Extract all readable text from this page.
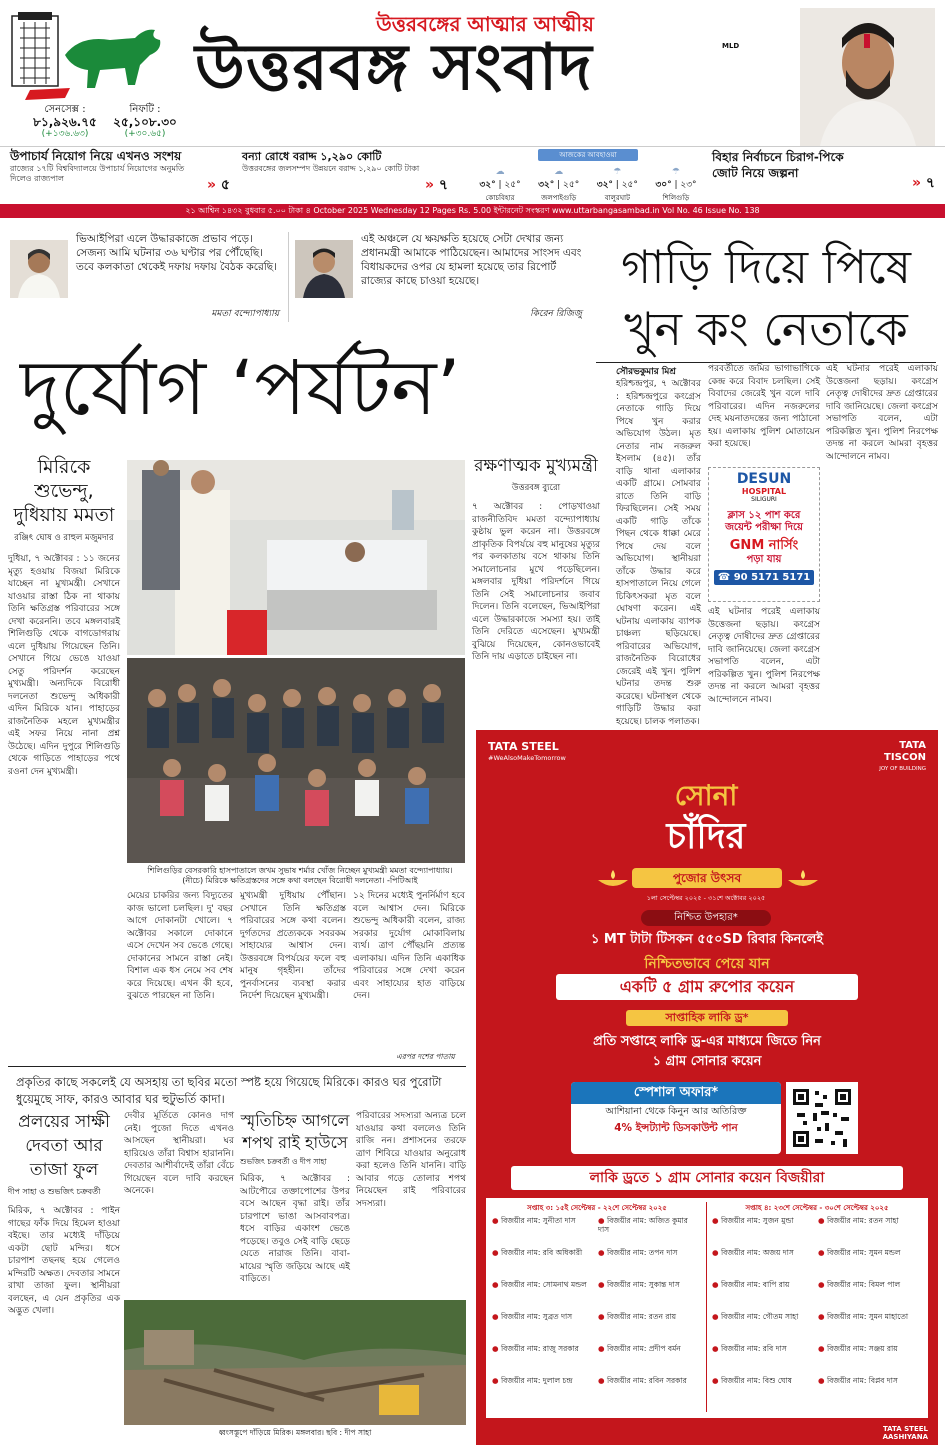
উত্তরবঙ্গের আত্মার আত্মীয়
উত্তরবঙ্গ সংবাদ	MLD
সেনসেক্স :
৮১,৯২৬.৭৫
(+১৩৬.৬৩)
নিফটি :
২৫,১০৮.৩০
(+৩০.৬৫)
উপাচার্য নিয়োগ নিয়ে এখনও সংশয়
রাজ্যের ১৭টি বিশ্ববিদ্যালয়ে উপাচার্য নিয়োগের অনুমতি দিলেও রাজ্যপাল	» ৫
বন্যা রোধে বরাদ্দ ১,২৯০ কোটি
উত্তরবঙ্গের জলসম্পদ উন্নয়নে বরাদ্দ ১,২৯০ কোটি টাকা
» ৭
আজকের আবহাওয়া
☁
৩২° | ২৫°
কোচবিহার
☁
৩২° | ২৫°
জলপাইগুড়ি
☂
৩২° | ২৫°
বালুরঘাট
☂
৩০° | ২৩°
শিলিগুড়ি
বিহার নির্বাচনে চিরাগ-পিকে জোট নিয়ে জল্পনা
» ৭
২১ আশ্বিন ১৪৩২ বুধবার ৫.০০ টাকা ৪ October 2025 Wednesday 12 Pages Rs. 5.00 ইন্টারনেট সংস্করণ www.uttarbangasambad.in Vol No. 46 Issue No. 138
ভিআইপিরা এলে উদ্ধারকাজে প্রভাব পড়ে। সেজন্য আমি ঘটনার ৩৬ ঘণ্টার পর পৌঁছেছি। তবে কলকাতা থেকেই দফায় দফায় বৈঠক করেছি।
মমতা বন্দ্যোপাধ্যায়
এই অঞ্চলে যে ক্ষয়ক্ষতি হয়েছে সেটা দেখার জন্য প্রধানমন্ত্রী আমাকে পাঠিয়েছেন। আমাদের সাংসদ এবং বিধায়কদের ওপর যে হামলা হয়েছে তার রিপোর্ট রাজ্যের কাছে চাওয়া হয়েছে।
কিরেন রিজিজু
গাড়ি দিয়ে পিষে খুন কং নেতাকে
দুর্যোগ ‘পর্যটন’
মিরিকে শুভেন্দু, দুধিয়ায় মমতা
রঞ্জিৎ ঘোষ ও রাহুল মজুমদার
দুধিয়া, ৭ অক্টোবর : ১১ জনের মৃত্যু হওয়ায় বিজয়া মিরিকে যাচ্ছেন না মুখ্যমন্ত্রী। সেখানে যাওয়ার রাস্তা ঠিক না থাকায় তিনি ক্ষতিগ্রস্ত পরিবারের সঙ্গে দেখা করেননি। তবে মঙ্গলবারই শিলিগুড়ি থেকে বাগডোগরায় এলে দুধিয়ায় গিয়েছেন তিনি। সেখানে গিয়ে ভেঙে যাওয়া সেতু পরিদর্শন করেছেন মুখ্যমন্ত্রী। অন্যদিকে বিরোধী দলনেতা শুভেন্দু অধিকারী এদিন মিরিকে যান। পাহাড়ের রাজনৈতিক মহলে মুখ্যমন্ত্রীর এই সফর নিয়ে নানা প্রশ্ন উঠেছে। এদিন দুপুরে শিলিগুড়ি থেকে গাড়িতে পাহাড়ের পথে রওনা দেন মুখ্যমন্ত্রী।
শিলিগুড়ির বেসরকারি হাসপাতালে জখম সুভাষ শর্মার খোঁজ নিচ্ছেন মুখ্যমন্ত্রী মমতা বন্দ্যোপাধ্যায়। (নীচে) মিরিকে ক্ষতিগ্রস্তদের সঙ্গে কথা বলছেন বিরোধী দলনেতা। -পিটিআই
রক্ষণাত্মক মুখ্যমন্ত্রী
উত্তরবঙ্গ ব্যুরো
৭ অক্টোবর : পোড়খাওয়া রাজনীতিবিদ মমতা বন্দ্যোপাধ্যায় কুষ্ঠায় ভুল করেন না। উত্তরবঙ্গে প্রাকৃতিক বিপর্যয়ে বহু মানুষের মৃত্যুর পর কলকাতায় বসে থাকায় তিনি সমালোচনার মুখে পড়েছিলেন। মঙ্গলবার দুধিয়া পরিদর্শনে গিয়ে তিনি সেই সমালোচনার জবাব দিলেন। তিনি বলেছেন, ভিআইপিরা এলে উদ্ধারকাজে সমস্যা হয়। তাই তিনি দেরিতে এসেছেন। মুখ্যমন্ত্রী বুঝিয়ে দিয়েছেন, কোনওভাবেই তিনি দায় এড়াতে চাইছেন না।
সৌরভকুমার মিশ্র
হরিশ্চন্দ্রপুর, ৭ অক্টোবর : হরিশ্চন্দ্রপুরে কংগ্রেস নেতাকে গাড়ি দিয়ে পিষে খুন করার অভিযোগ উঠল। মৃত নেতার নাম নজরুল ইসলাম (৪৫)। তাঁর বাড়ি থানা এলাকার একটি গ্রামে। সোমবার রাতে তিনি বাড়ি ফিরছিলেন। সেই সময় একটি গাড়ি তাঁকে পিছন থেকে ধাক্কা মেরে পিষে দেয় বলে অভিযোগ। স্থানীয়রা তাঁকে উদ্ধার করে হাসপাতালে নিয়ে গেলে চিকিৎসকরা মৃত বলে ঘোষণা করেন। এই ঘটনায় এলাকায় ব্যাপক চাঞ্চল্য ছড়িয়েছে। পরিবারের অভিযোগ, রাজনৈতিক বিরোধের জেরেই এই খুন। পুলিশ ঘটনার তদন্ত শুরু করেছে। ঘটনাস্থল থেকে গাড়িটি উদ্ধার করা হয়েছে। চালক পলাতক।
পরবর্তীতে জমির ভাগাভাগিকে কেন্দ্র করে বিবাদ চলছিল। সেই বিবাদের জেরেই খুন বলে দাবি পরিবারের। এদিন নজরুলের দেহ ময়নাতদন্তের জন্য পাঠানো হয়। এলাকায় পুলিশ মোতায়েন করা হয়েছে।
এই ঘটনার পরেই এলাকায় উত্তেজনা ছড়ায়। কংগ্রেস নেতৃত্ব দোষীদের দ্রুত গ্রেপ্তারের দাবি জানিয়েছে। জেলা কংগ্রেস সভাপতি বলেন, এটা পরিকল্পিত খুন। পুলিশ নিরপেক্ষ তদন্ত না করলে আমরা বৃহত্তর আন্দোলনে নামব।
DESUN
HOSPITAL
SILIGURI
ক্লাস ১২ পাশ করে
জয়েন্ট পরীক্ষা দিয়ে
GNM নার্সিং
পড়া যায়
☎ 90 5171 5171
এই ঘটনার পরেই এলাকায় উত্তেজনা ছড়ায়। কংগ্রেস নেতৃত্ব দোষীদের দ্রুত গ্রেপ্তারের দাবি জানিয়েছে। জেলা কংগ্রেস সভাপতি বলেন, এটা পরিকল্পিত খুন। পুলিশ নিরপেক্ষ তদন্ত না করলে আমরা বৃহত্তর আন্দোলনে নামব।
মেয়ের চাকরির জন্য বিদ্যুতের কাজ ভালো চলছিল। দু' বছর আগে দোকানটা খোলে। ৭ অক্টোবর সকালে দোকানে এসে দেখেন সব ভেঙে গেছে। দোকানের সামনে রাস্তা নেই। বিশাল এক ধস নেমে সব শেষ করে দিয়েছে। এখন কী হবে, বুঝতে পারছেন না তিনি।
মুখ্যমন্ত্রী দুধিয়ায় পৌঁছান। সেখানে তিনি ক্ষতিগ্রস্ত পরিবারের সঙ্গে কথা বলেন। দুর্গতদের প্রত্যেককে সবরকম সাহায্যের আশ্বাস দেন। উত্তরবঙ্গে বিপর্যয়ের ফলে বহু মানুষ গৃহহীন। তাঁদের পুনর্বাসনের ব্যবস্থা করার নির্দেশ দিয়েছেন মুখ্যমন্ত্রী।
১২ দিনের মধ্যেই পুনর্নির্মাণ হবে বলে আশ্বাস দেন। মিরিকে শুভেন্দু অধিকারী বলেন, রাজ্য সরকার দুর্যোগ মোকাবিলায় ব্যর্থ। ত্রাণ পৌঁছয়নি প্রত্যন্ত এলাকায়। এদিন তিনি একাধিক পরিবারের সঙ্গে দেখা করেন এবং সাহায্যের হাত বাড়িয়ে দেন।
এরপর দশের পাতায়
প্রকৃতির কাছে সকলেই যে অসহায় তা ছবির মতো স্পষ্ট হয়ে গিয়েছে মিরিকে। কারও ঘর পুরোটা ধুয়েমুছে সাফ, কারও আবার ঘর হুটুভর্তি কাদা।
প্রলয়ের সাক্ষী দেবতা আর তাজা ফুল
দীপ সাহা ও শুভজিৎ চক্রবর্তী
মিরিক, ৭ অক্টোবর : পাইন গাছের ফাঁক দিয়ে হিমেল হাওয়া বইছে। তার মধ্যেই দাঁড়িয়ে একটা ছোট মন্দির। ধসে চারপাশ তছনছ হয়ে গেলেও মন্দিরটি অক্ষত। দেবতার সামনে রাখা তাজা ফুল। স্থানীয়রা বলছেন, এ যেন প্রকৃতির এক অদ্ভুত খেলা।
দেবীর মূর্তিতে কোনও দাগ নেই। পুজো দিতে এখনও আসছেন স্থানীয়রা। ঘর হারিয়েও তাঁরা বিশ্বাস হারাননি। দেবতার আশীর্বাদেই তাঁরা বেঁচে গিয়েছেন বলে দাবি করছেন অনেকে।
স্মৃতিচিহ্ন আগলে শপথ রাই হাউসে
শুভজিৎ চক্রবর্তী ও দীপ সাহা
মিরিক, ৭ অক্টোবর : আটপৌরে তক্তাপোশের উপর বসে আছেন বৃদ্ধা রাই। তাঁর চারপাশে ভাঙা আসবাবপত্র। ধসে বাড়ির একাংশ ভেঙে পড়েছে। তবুও সেই বাড়ি ছেড়ে যেতে নারাজ তিনি। বাবা-মায়ের স্মৃতি জড়িয়ে আছে এই বাড়িতে।
পরিবারের সদস্যরা অন্যত্র চলে যাওয়ার কথা বললেও তিনি রাজি নন। প্রশাসনের তরফে ত্রাণ শিবিরে যাওয়ার অনুরোধ করা হলেও তিনি যাননি। বাড়ি আবার গড়ে তোলার শপথ নিয়েছেন রাই পরিবারের সদস্যরা।
ধ্বংসস্তূপে দাঁড়িয়ে মিরিক। মঙ্গলবার। ছবি : দীপ সাহা
TATA STEEL
#WeAlsoMakeTomorrow
TATA TISCON
JOY OF BUILDING
সোনা
চাঁদির
পুজোর উৎসব
১লা সেপ্টেম্বর ২০২৫ - ৩১শে অক্টোবর ২০২৫
নিশ্চিত উপহার*
১ MT টাটা টিসকন ৫৫০SD রিবার কিনলেই
নিশ্চিতভাবে পেয়ে যান
একটি ৫ গ্রাম রুপোর কয়েন
সাপ্তাহিক লাকি ড্র*
প্রতি সপ্তাহে লাকি ড্র-এর মাধ্যমে জিতে নিন
১ গ্রাম সোনার কয়েন
স্পেশাল অফার*
আশিয়ানা থেকে কিনুন আর অতিরিক্ত
4% ইন্সট্যান্ট ডিসকাউন্ট পান
লাকি ড্রতে ১ গ্রাম সোনার কয়েন বিজয়ীরা
সপ্তাহ ৩: ১৫ই সেপ্টেম্বর - ২২শে সেপ্টেম্বর ২০২৫	সপ্তাহ ৪: ২৩শে সেপ্টেম্বর - ৩০শে সেপ্টেম্বর ২০২৫
● বিজয়ীর নাম: সুনীতা দাস	● বিজয়ীর নাম: অজিত কুমার দাস
● বিজয়ীর নাম: রবি অধিকারী	● বিজয়ীর নাম: তপন দাস
● বিজয়ীর নাম: সোমনাথ মন্ডল	● বিজয়ীর নাম: সুকান্ত দাস
● বিজয়ীর নাম: সুব্রত দাস	● বিজয়ীর নাম: রতন রায়
● বিজয়ীর নাম: রাজু সরকার	● বিজয়ীর নাম: প্রদীপ বর্মন
● বিজয়ীর নাম: দুলাল চন্দ্র	● বিজয়ীর নাম: রবিন সরকার
● বিজয়ীর নাম: সুজন মুন্ডা	● বিজয়ীর নাম: রতন সাহা
● বিজয়ীর নাম: অজয় দাস	● বিজয়ীর নাম: সুমন মন্ডল
● বিজয়ীর নাম: বাপি রায়	● বিজয়ীর নাম: বিমল পাল
● বিজয়ীর নাম: গৌতম সাহা	● বিজয়ীর নাম: সুমন মাহাতো
● বিজয়ীর নাম: রবি দাস	● বিজয়ীর নাম: সঞ্জয় রায়
● বিজয়ীর নাম: বিশু ঘোষ	● বিজয়ীর নাম: বিপ্লব দাস
TATA STEEL AASHIYANA
